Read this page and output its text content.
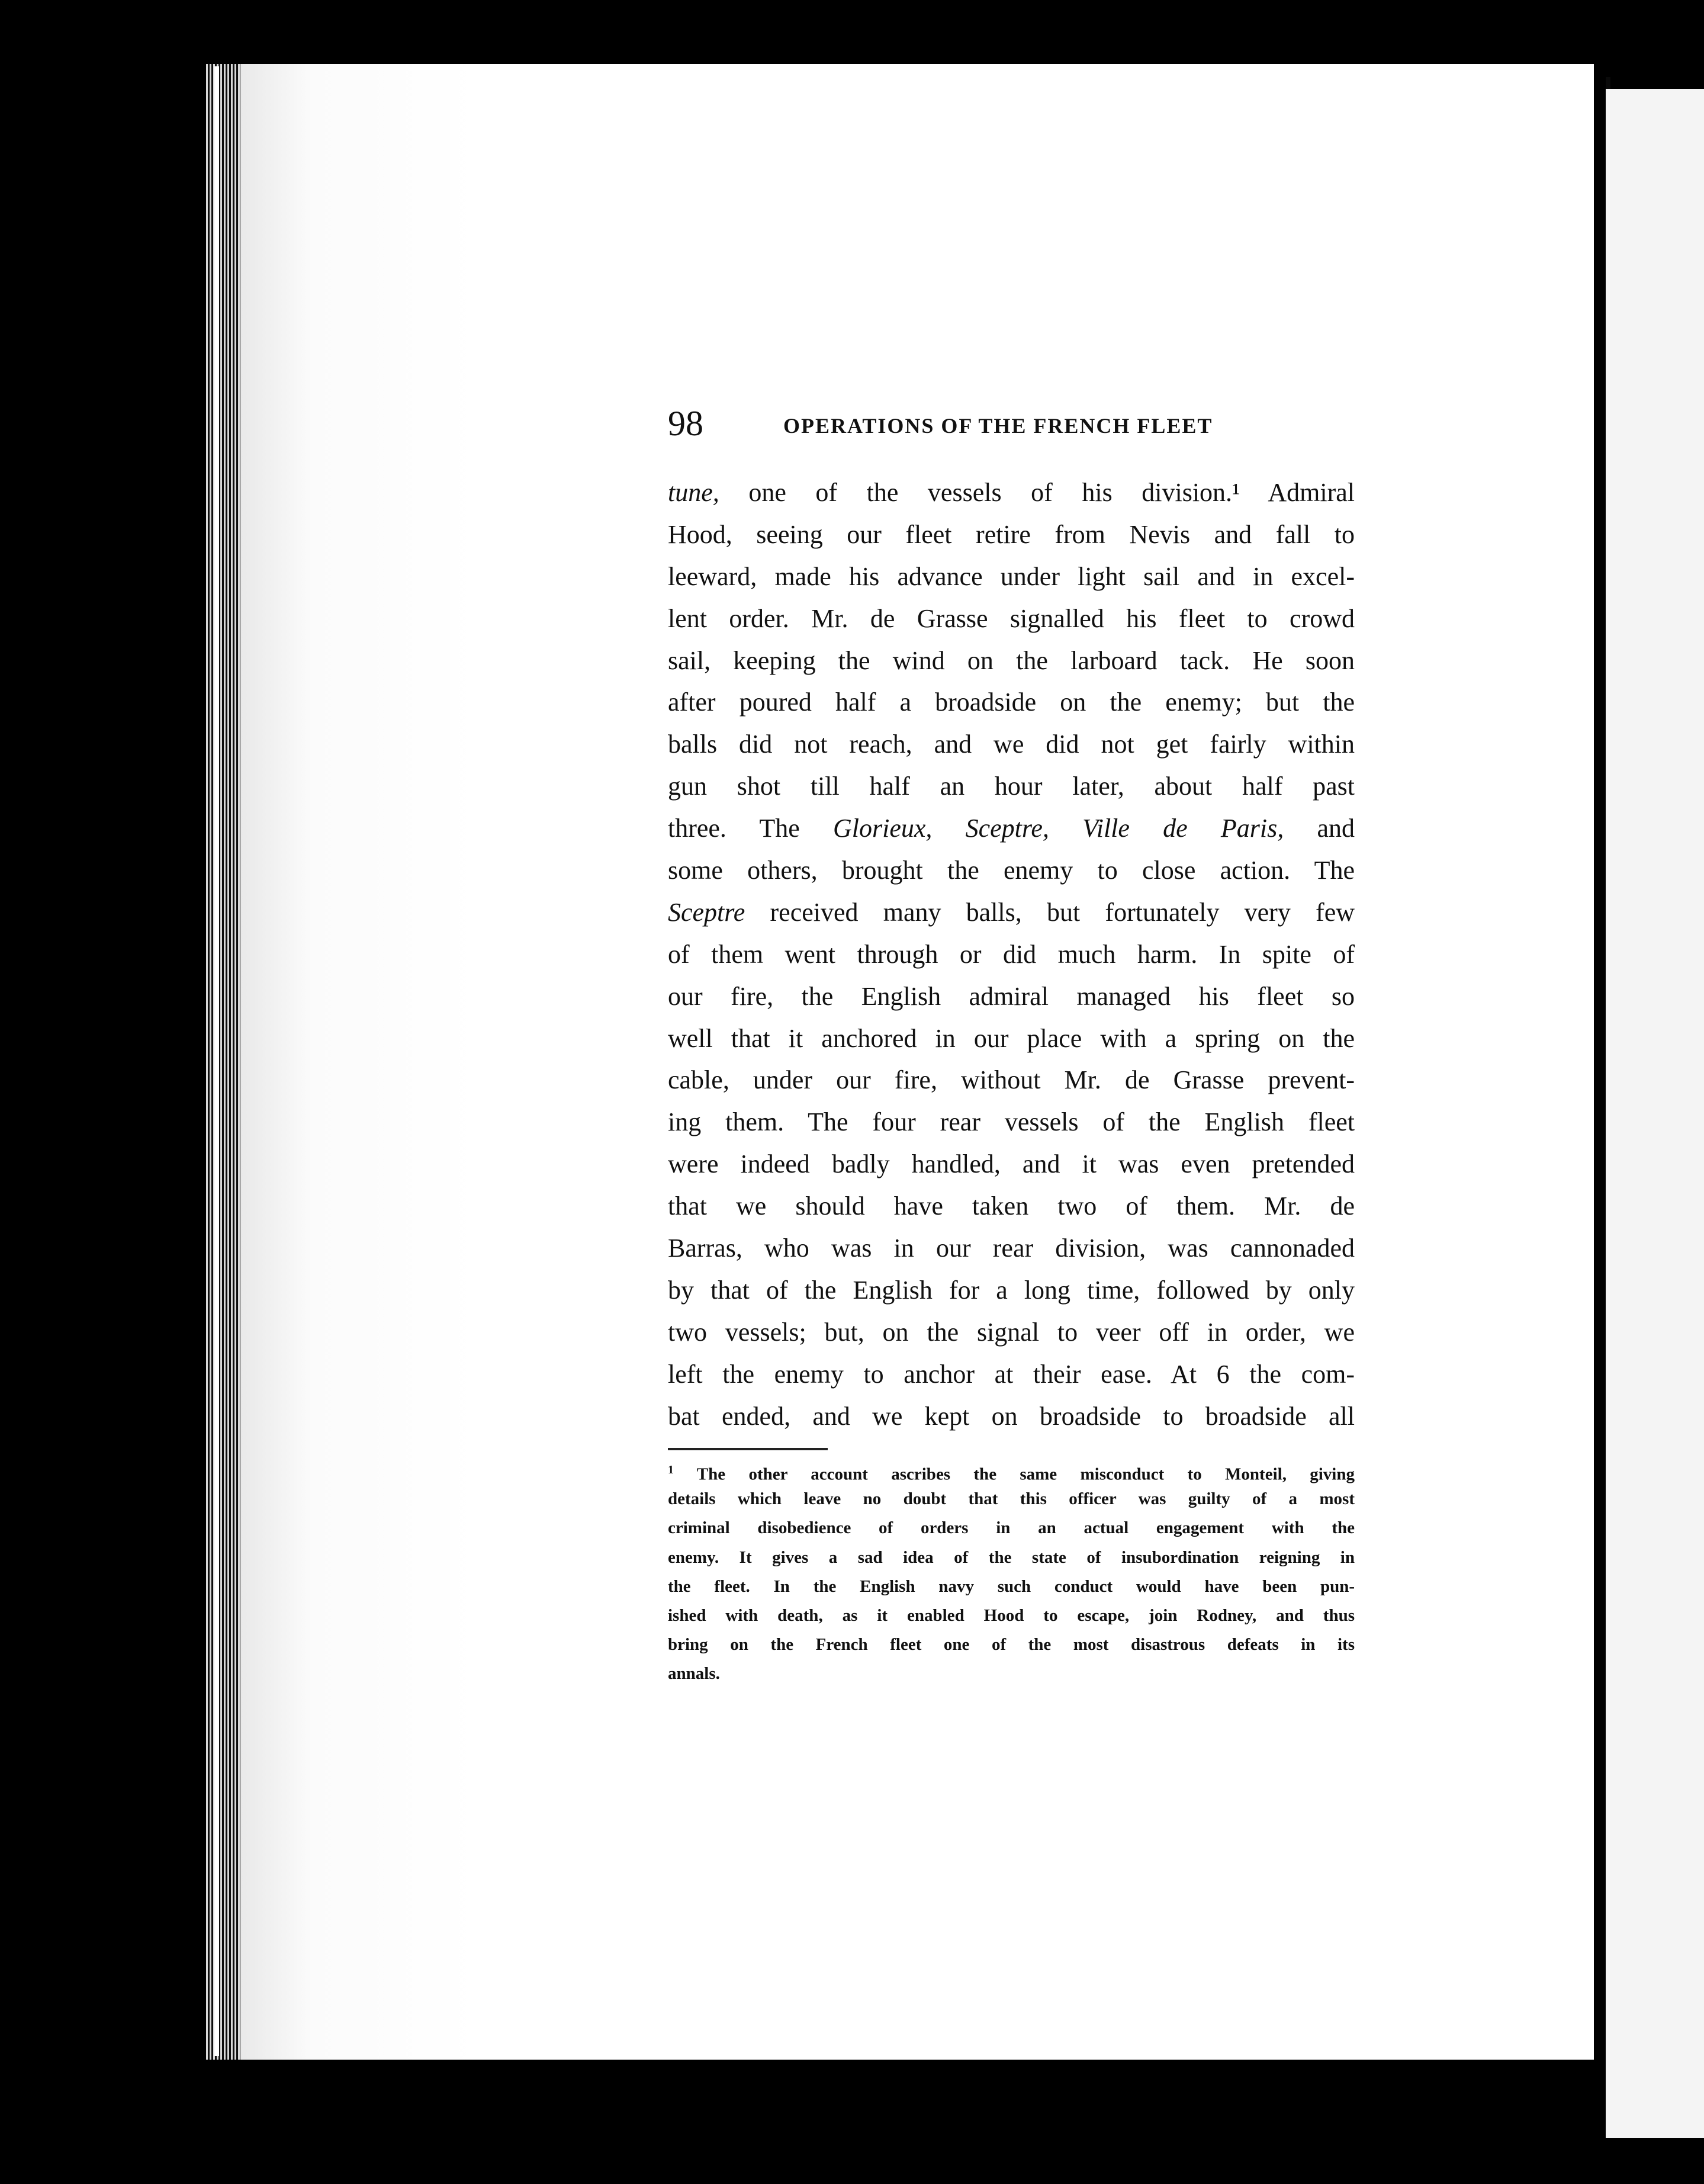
98	OPERATIONS OF THE FRENCH FLEET
tune, one of the vessels of his division.¹ Admiral
Hood, seeing our fleet retire from Nevis and fall to
leeward, made his advance under light sail and in excel-
lent order. Mr. de Grasse signalled his fleet to crowd
sail, keeping the wind on the larboard tack. He soon
after poured half a broadside on the enemy; but the
balls did not reach, and we did not get fairly within
gun shot till half an hour later, about half past
three. The Glorieux, Sceptre, Ville de Paris, and
some others, brought the enemy to close action. The
Sceptre received many balls, but fortunately very few
of them went through or did much harm. In spite of
our fire, the English admiral managed his fleet so
well that it anchored in our place with a spring on the
cable, under our fire, without Mr. de Grasse prevent-
ing them. The four rear vessels of the English fleet
were indeed badly handled, and it was even pretended
that we should have taken two of them. Mr. de
Barras, who was in our rear division, was cannonaded
by that of the English for a long time, followed by only
two vessels; but, on the signal to veer off in order, we
left the enemy to anchor at their ease. At 6 the com-
bat ended, and we kept on broadside to broadside all
$^1$ The other account ascribes the same misconduct to Monteil, giving
details which leave no doubt that this officer was guilty of a most
criminal disobedience of orders in an actual engagement with the
enemy. It gives a sad idea of the state of insubordination reigning in
the fleet. In the English navy such conduct would have been pun-
ished with death, as it enabled Hood to escape, join Rodney, and thus
bring on the French fleet one of the most disastrous defeats in its
annals.
